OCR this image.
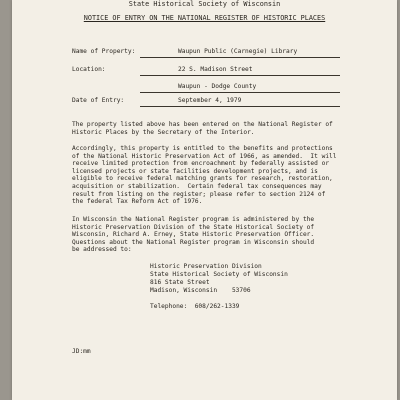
State Historical Society of Wisconsin
NOTICE OF ENTRY ON THE NATIONAL REGISTER OF HISTORIC PLACES
Name of Property:	Waupun Public (Carnegie) Library
Location:	22 S. Madison Street
Waupun - Dodge County
Date of Entry:	September 4, 1979
The property listed above has been entered on the National Register of
Historic Places by the Secretary of the Interior.
Accordingly, this property is entitled to the benefits and protections
of the National Historic Preservation Act of 1966, as amended.  It will
receive limited protection from encroachment by federally assisted or
licensed projects or state facilities development projects, and is
eligible to receive federal matching grants for research, restoration,
acquisition or stabilization.  Certain federal tax consequences may
result from listing on the register; please refer to section 2124 of
the federal Tax Reform Act of 1976.
In Wisconsin the National Register program is administered by the
Historic Preservation Division of the State Historical Society of
Wisconsin, Richard A. Erney, State Historic Preservation Officer.
Questions about the National Register program in Wisconsin should
be addressed to:
Historic Preservation Division
State Historical Society of Wisconsin
816 State Street
Madison, Wisconsin    53706
Telephone:  608/262-1339
JD:mm
